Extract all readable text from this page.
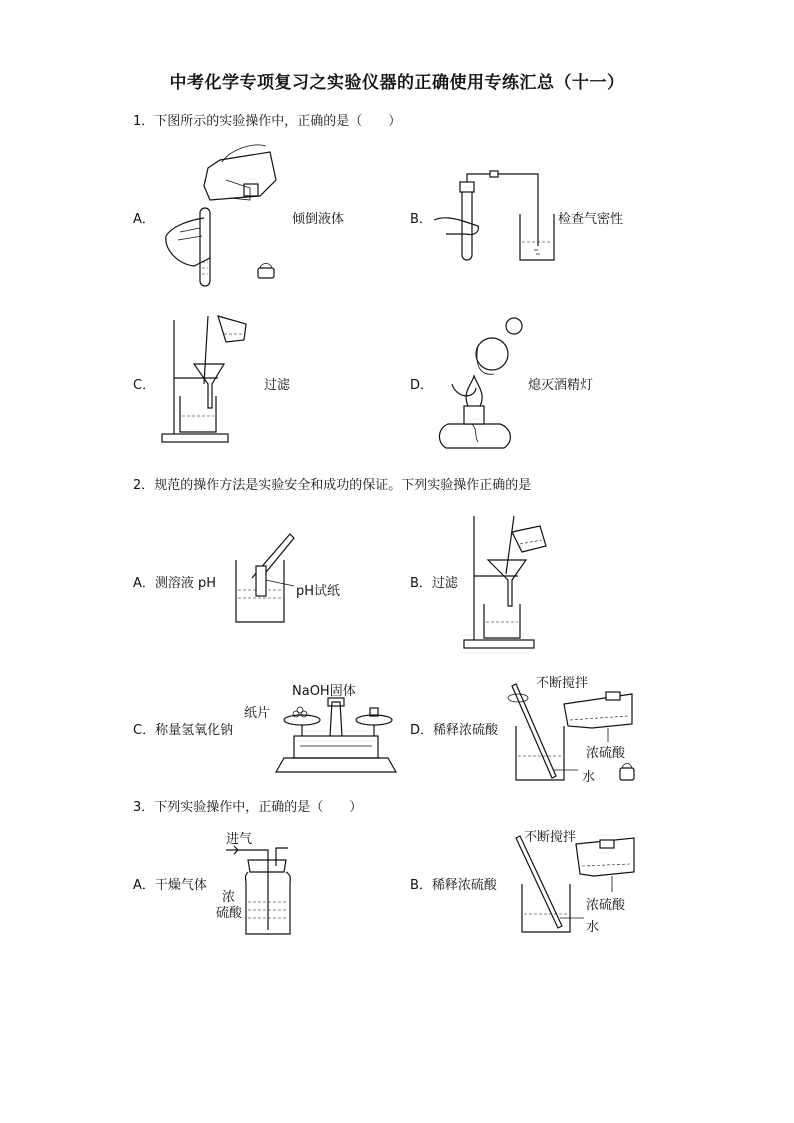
中考化学专项复习之实验仪器的正确使用专练汇总（十一）
1．下图所示的实验操作中，正确的是（　　）
A．	倾倒液体	B．	检查气密性
C．	过滤	D．	熄灭酒精灯
2．规范的操作方法是实验安全和成功的保证。下列实验操作正确的是
A．测溶液 pH
pH试纸
B．过滤
NaOH固体
纸片
C．称量氢氧化钠	D．稀释浓硫酸
不断搅拌
浓硫酸
水
3．下列实验操作中，正确的是（　　）
A．干燥气体
进气
浓
硫酸
B．稀释浓硫酸
不断搅拌
浓硫酸
水
